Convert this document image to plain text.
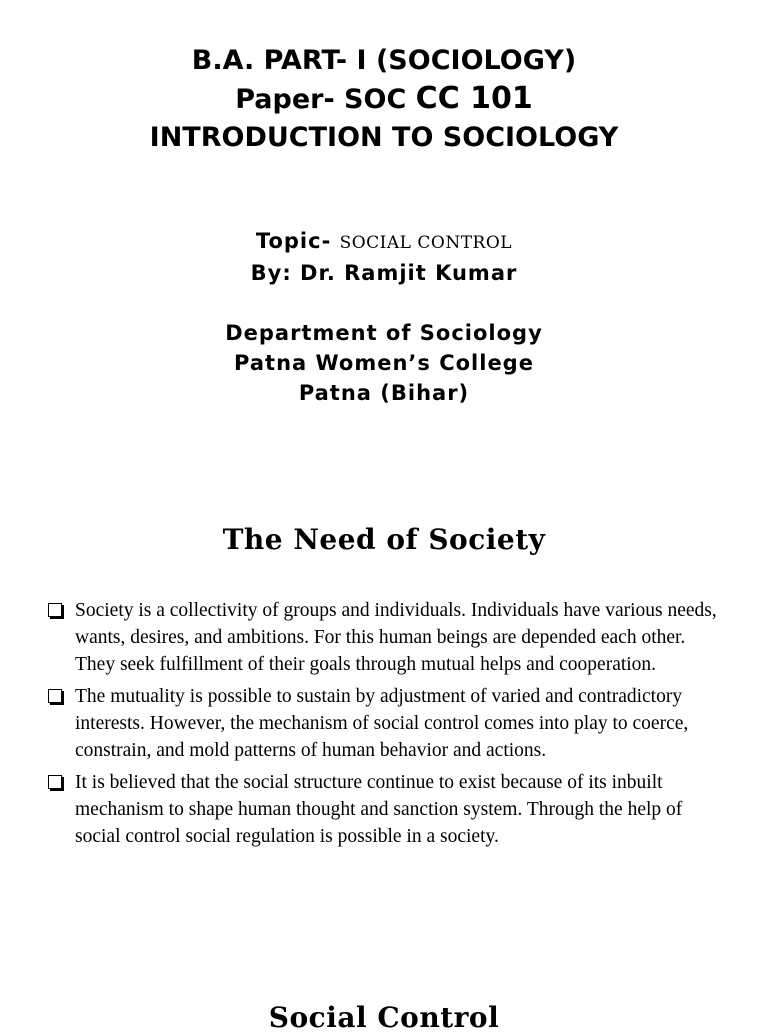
B.A. PART- I (SOCIOLOGY)
Paper- SOC CC 101
INTRODUCTION TO SOCIOLOGY
Topic- SOCIAL CONTROL
By: Dr. Ramjit Kumar
Department of Sociology
Patna Women’s College
Patna (Bihar)
The Need of Society
Society is a collectivity of groups and individuals. Individuals have various needs, wants, desires, and ambitions. For this human beings are depended each other. They seek fulfillment of their goals through mutual helps and cooperation.
The mutuality is possible to sustain by adjustment of varied and contradictory interests. However, the mechanism of social control comes into play to coerce, constrain, and mold patterns of human behavior and actions.
It is believed that the social structure continue to exist because of its inbuilt mechanism to shape human thought and sanction system. Through the help of social control social regulation is possible in a society.
Social Control
